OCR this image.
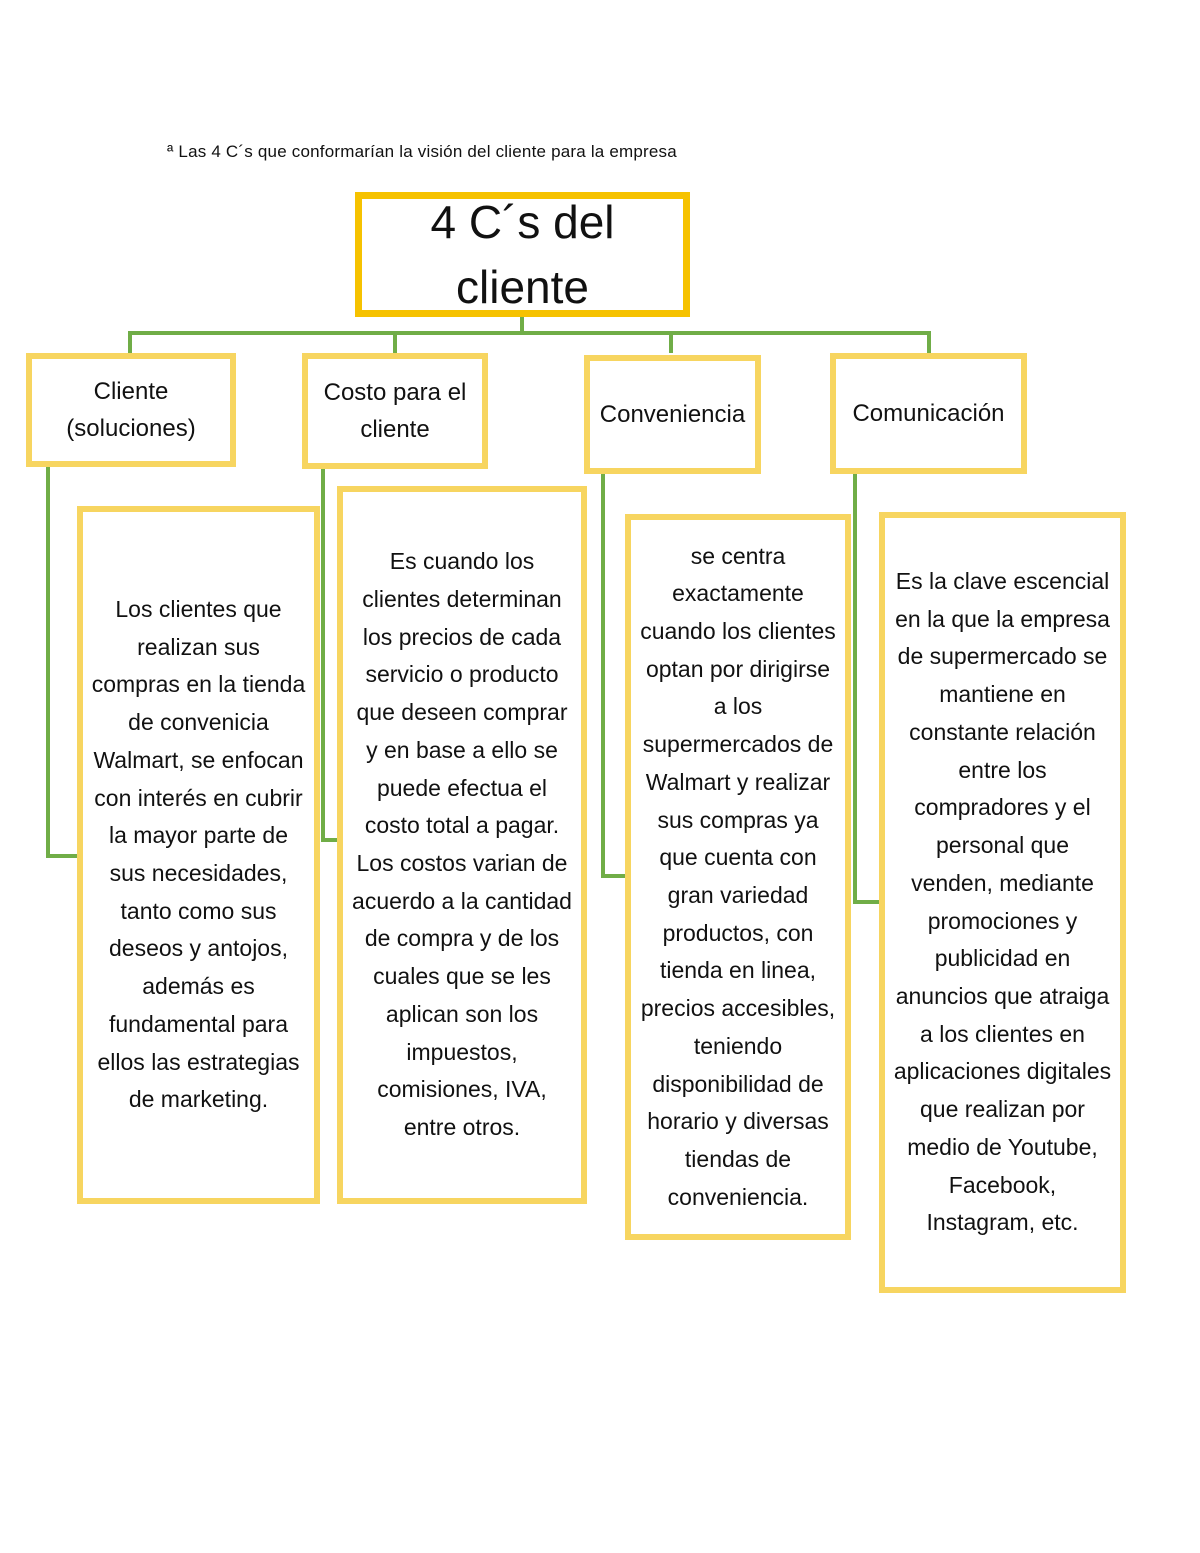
ª Las 4 C´s que conformarían la visión del cliente para la empresa
4 C´s del cliente
Cliente (soluciones)
Costo para el cliente
Conveniencia	Comunicación
Los clientes que realizan sus compras en la tienda de convenicia Walmart, se enfocan con interés en cubrir la mayor parte de sus necesidades, tanto como sus deseos y antojos, además es fundamental para ellos las estrategias de marketing.
Es cuando los clientes determinan los precios de cada servicio o producto que deseen comprar y en base a ello se puede efectua el costo total a pagar. Los costos varian de acuerdo a la cantidad de compra y de los cuales que se les aplican son los impuestos, comisiones, IVA, entre otros.
se centra exactamente cuando los clientes optan por dirigirse a los supermercados de Walmart y realizar sus compras ya que cuenta con gran variedad productos, con tienda en linea, precios accesibles, teniendo disponibilidad de horario y diversas tiendas de conveniencia.
Es la clave escencial en la que la empresa de supermercado se mantiene en constante relación entre los compradores y el personal que venden, mediante promociones y publicidad en anuncios que atraiga a los clientes en aplicaciones digitales que realizan por medio de Youtube, Facebook, Instagram, etc.
